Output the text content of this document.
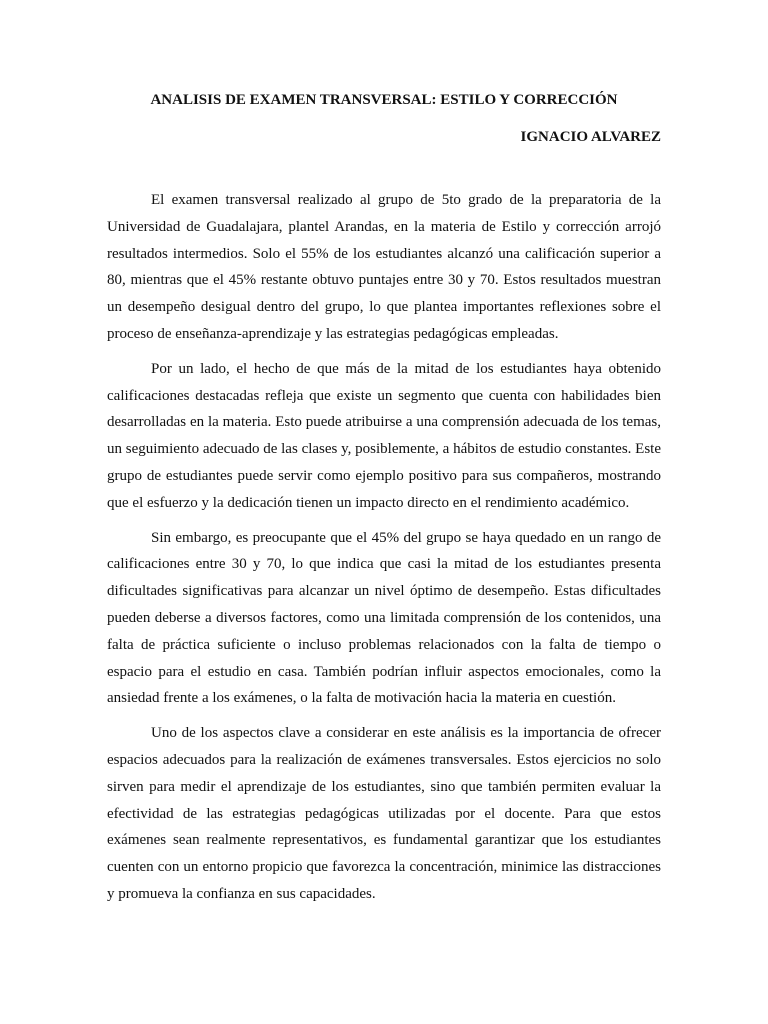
ANALISIS DE EXAMEN TRANSVERSAL: ESTILO Y CORRECCIÓN
IGNACIO ALVAREZ

El examen transversal realizado al grupo de 5to grado de la preparatoria de la Universidad de Guadalajara, plantel Arandas, en la materia de Estilo y corrección arrojó resultados intermedios. Solo el 55% de los estudiantes alcanzó una calificación superior a 80, mientras que el 45% restante obtuvo puntajes entre 30 y 70. Estos resultados muestran un desempeño desigual dentro del grupo, lo que plantea importantes reflexiones sobre el proceso de enseñanza-aprendizaje y las estrategias pedagógicas empleadas.

Por un lado, el hecho de que más de la mitad de los estudiantes haya obtenido calificaciones destacadas refleja que existe un segmento que cuenta con habilidades bien desarrolladas en la materia. Esto puede atribuirse a una comprensión adecuada de los temas, un seguimiento adecuado de las clases y, posiblemente, a hábitos de estudio constantes. Este grupo de estudiantes puede servir como ejemplo positivo para sus compañeros, mostrando que el esfuerzo y la dedicación tienen un impacto directo en el rendimiento académico.

Sin embargo, es preocupante que el 45% del grupo se haya quedado en un rango de calificaciones entre 30 y 70, lo que indica que casi la mitad de los estudiantes presenta dificultades significativas para alcanzar un nivel óptimo de desempeño. Estas dificultades pueden deberse a diversos factores, como una limitada comprensión de los contenidos, una falta de práctica suficiente o incluso problemas relacionados con la falta de tiempo o espacio para el estudio en casa. También podrían influir aspectos emocionales, como la ansiedad frente a los exámenes, o la falta de motivación hacia la materia en cuestión.

Uno de los aspectos clave a considerar en este análisis es la importancia de ofrecer espacios adecuados para la realización de exámenes transversales. Estos ejercicios no solo sirven para medir el aprendizaje de los estudiantes, sino que también permiten evaluar la efectividad de las estrategias pedagógicas utilizadas por el docente. Para que estos exámenes sean realmente representativos, es fundamental garantizar que los estudiantes cuenten con un entorno propicio que favorezca la concentración, minimice las distracciones y promueva la confianza en sus capacidades.
